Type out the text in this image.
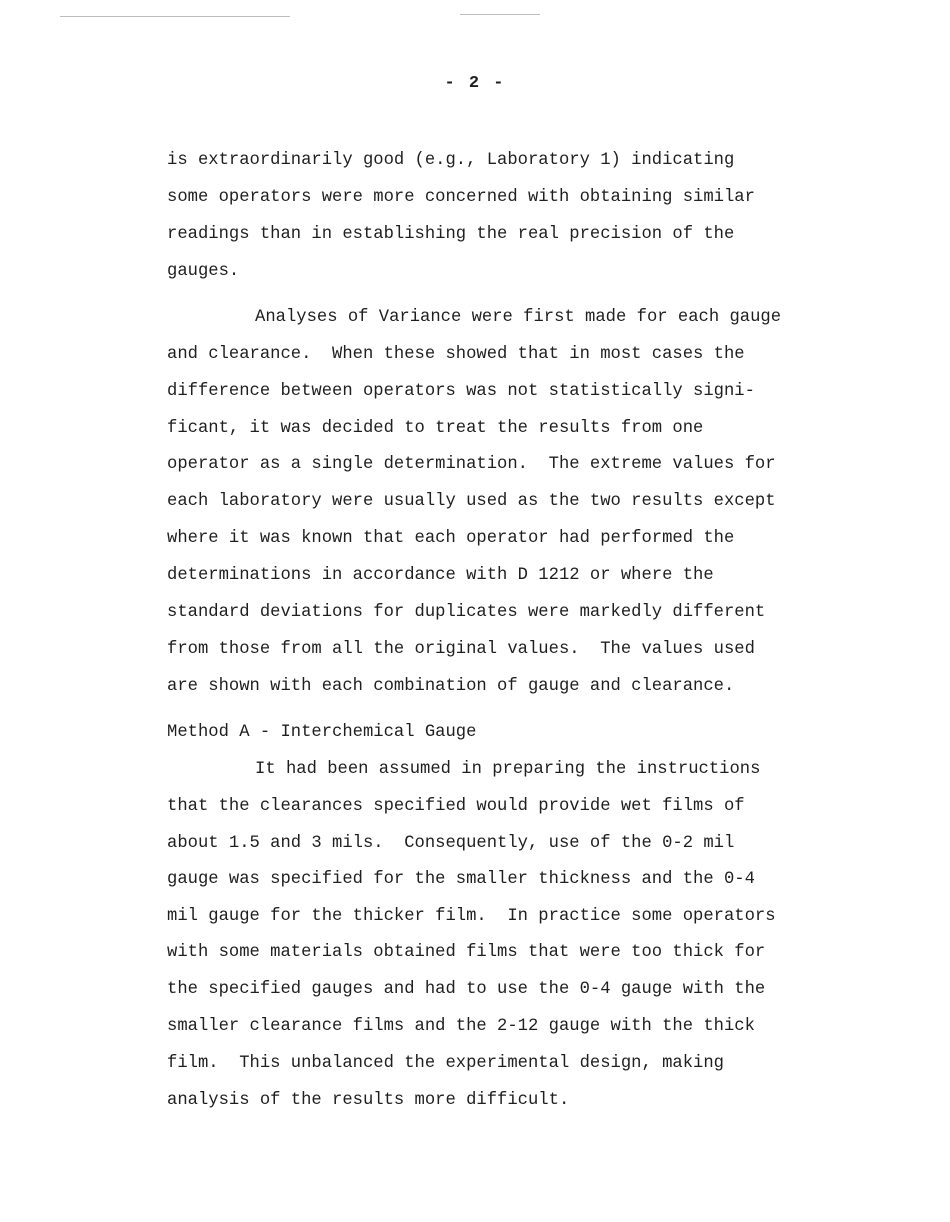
- 2 -
is extraordinarily good (e.g., Laboratory 1) indicating
some operators were more concerned with obtaining similar
readings than in establishing the real precision of the
gauges.
Analyses of Variance were first made for each gauge
and clearance.  When these showed that in most cases the
difference between operators was not statistically signi-
ficant, it was decided to treat the results from one
operator as a single determination.  The extreme values for
each laboratory were usually used as the two results except
where it was known that each operator had performed the
determinations in accordance with D 1212 or where the
standard deviations for duplicates were markedly different
from those from all the original values.  The values used
are shown with each combination of gauge and clearance.
Method A - Interchemical Gauge
It had been assumed in preparing the instructions
that the clearances specified would provide wet films of
about 1.5 and 3 mils.  Consequently, use of the 0-2 mil
gauge was specified for the smaller thickness and the 0-4
mil gauge for the thicker film.  In practice some operators
with some materials obtained films that were too thick for
the specified gauges and had to use the 0-4 gauge with the
smaller clearance films and the 2-12 gauge with the thick
film.  This unbalanced the experimental design, making
analysis of the results more difficult.
